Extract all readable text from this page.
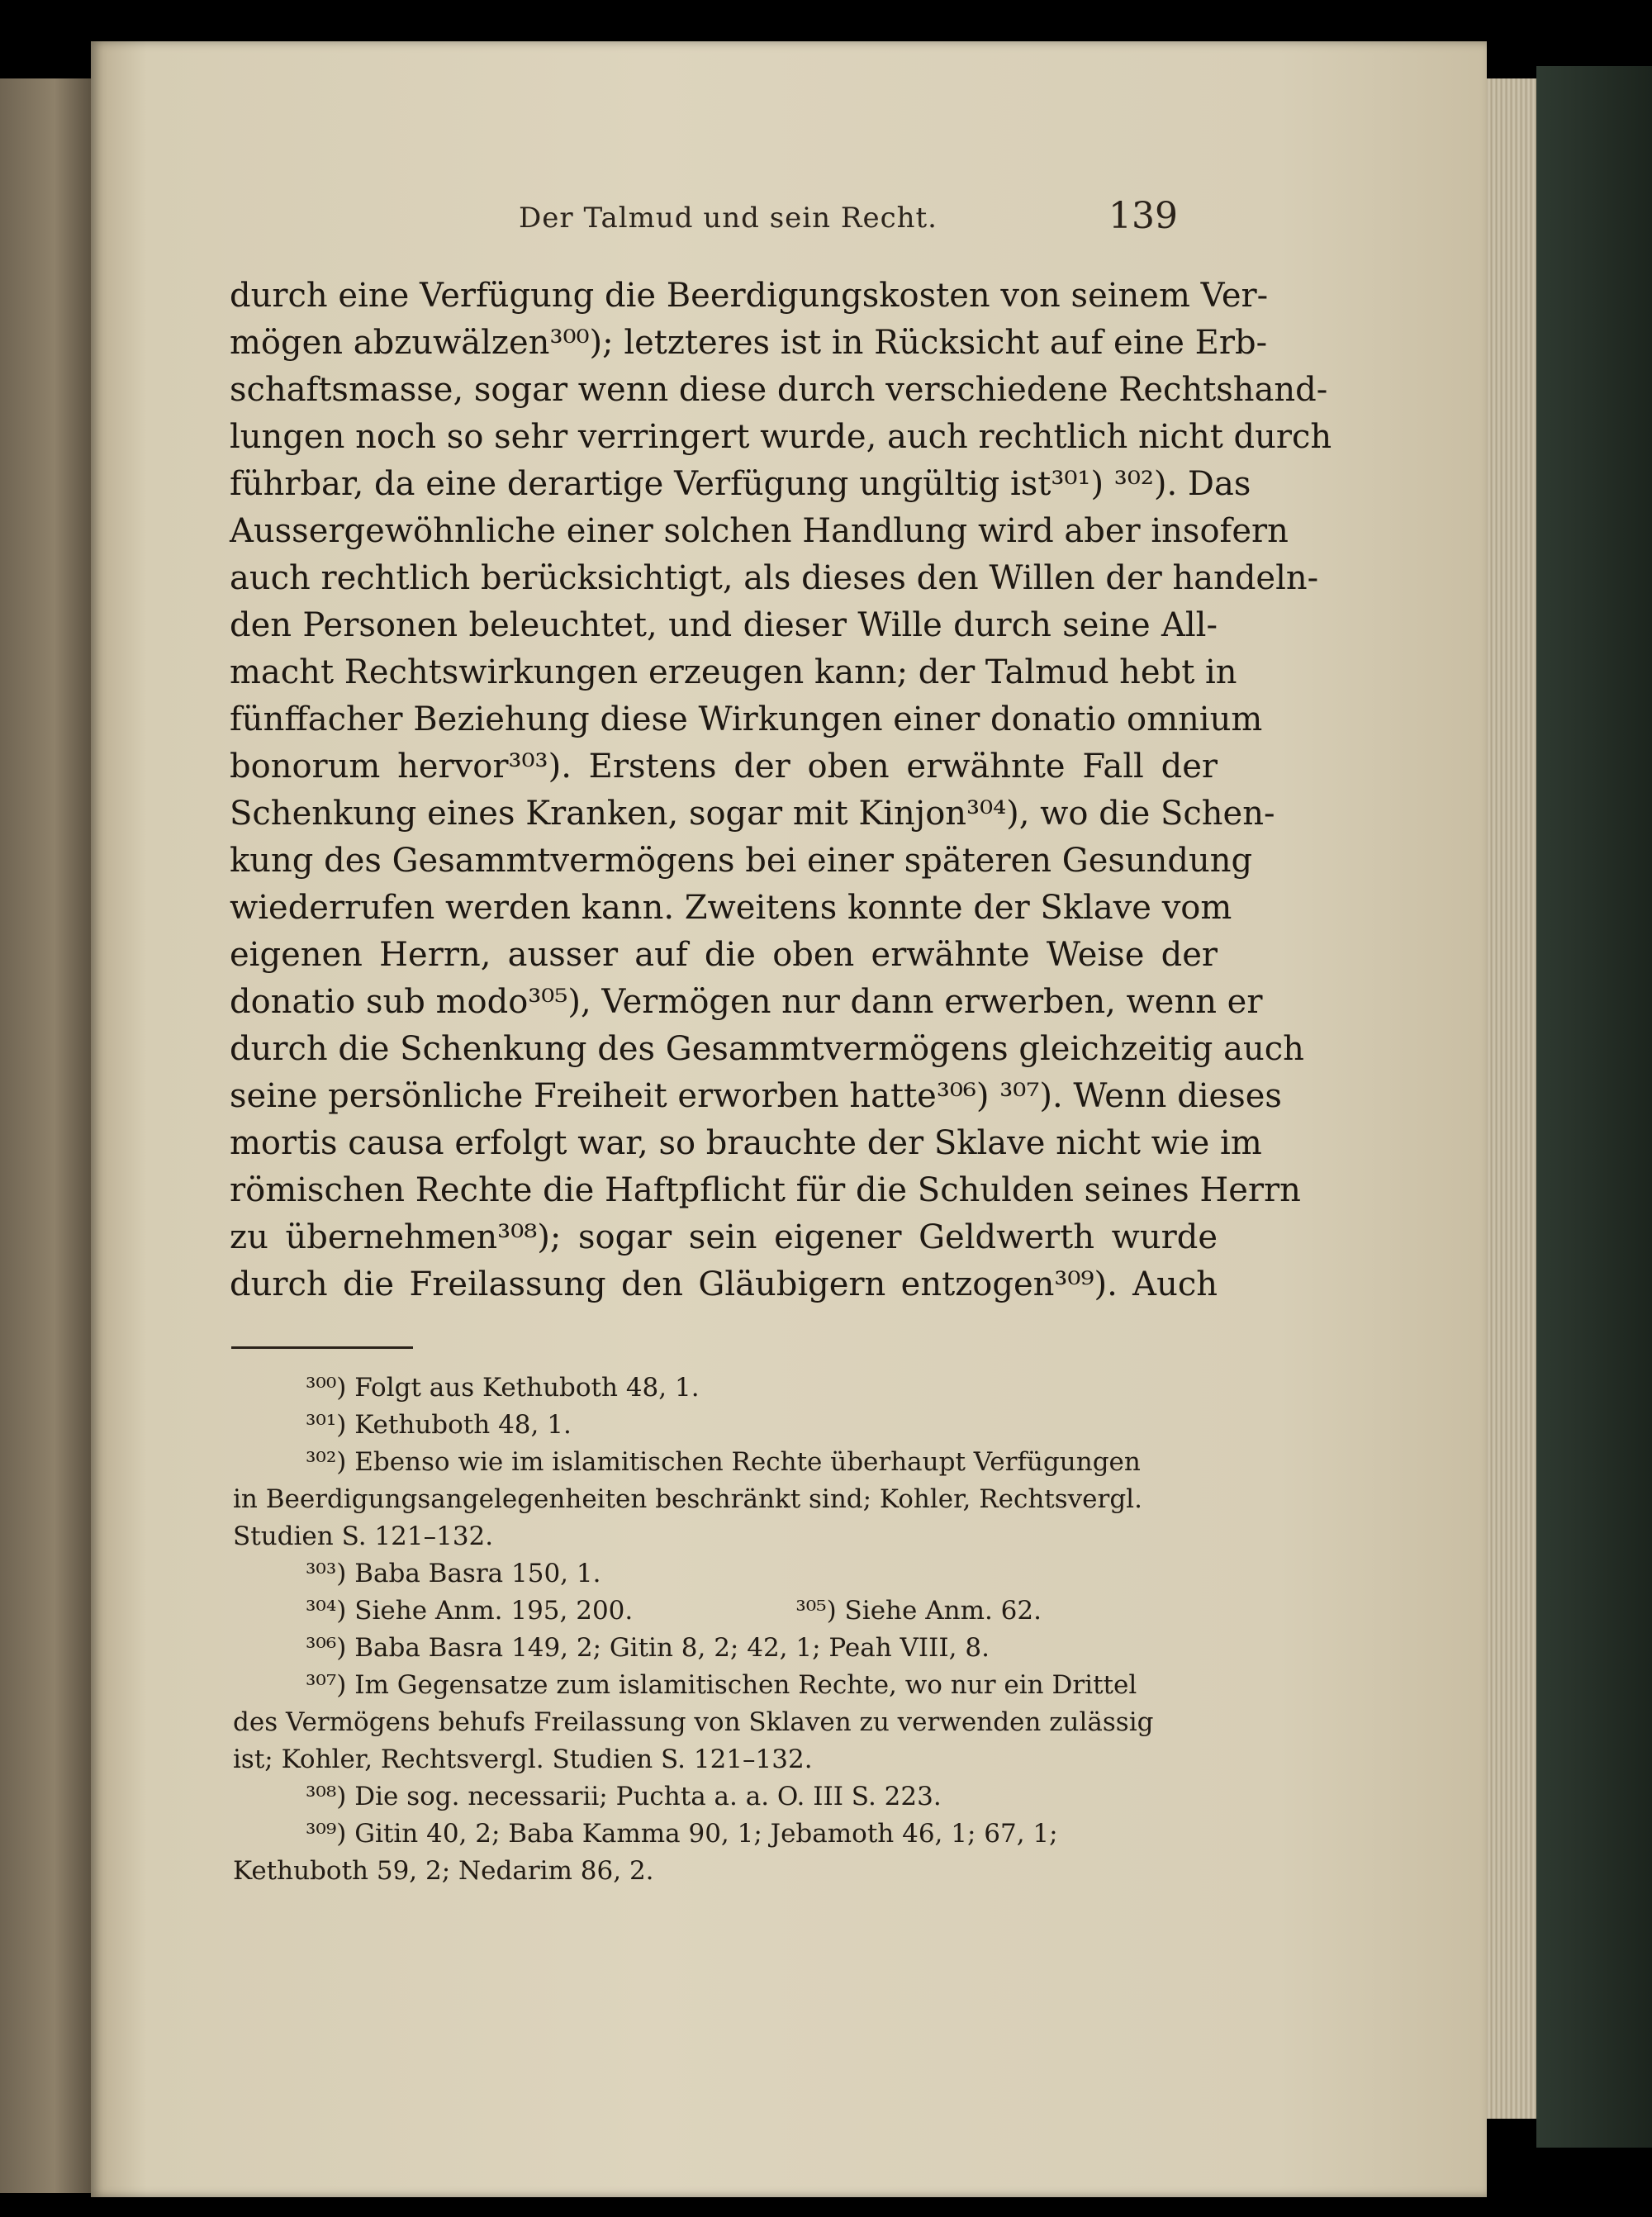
Der Talmud und sein Recht.	139
durch eine Verfügung die Beerdigungskosten von seinem Ver-
mögen abzuwälzen³⁰⁰); letzteres ist in Rücksicht auf eine Erb-
schaftsmasse, sogar wenn diese durch verschiedene Rechtshand-
lungen noch so sehr verringert wurde, auch rechtlich nicht durch
führbar, da eine derartige Verfügung ungültig ist³⁰¹) ³⁰²). Das
Aussergewöhnliche einer solchen Handlung wird aber insofern
auch rechtlich berücksichtigt, als dieses den Willen der handeln-
den Personen beleuchtet, und dieser Wille durch seine All-
macht Rechtswirkungen erzeugen kann; der Talmud hebt in
fünffacher Beziehung diese Wirkungen einer donatio omnium
bonorum hervor³⁰³). Erstens der oben erwähnte Fall der
Schenkung eines Kranken, sogar mit Kinjon³⁰⁴), wo die Schen-
kung des Gesammtvermögens bei einer späteren Gesundung
wiederrufen werden kann. Zweitens konnte der Sklave vom
eigenen Herrn, ausser auf die oben erwähnte Weise der
donatio sub modo³⁰⁵), Vermögen nur dann erwerben, wenn er
durch die Schenkung des Gesammtvermögens gleichzeitig auch
seine persönliche Freiheit erworben hatte³⁰⁶) ³⁰⁷). Wenn dieses
mortis causa erfolgt war, so brauchte der Sklave nicht wie im
römischen Rechte die Haftpflicht für die Schulden seines Herrn
zu übernehmen³⁰⁸); sogar sein eigener Geldwerth wurde
durch die Freilassung den Gläubigern entzogen³⁰⁹). Auch
³⁰⁰) Folgt aus Kethuboth 48, 1.
³⁰¹) Kethuboth 48, 1.
³⁰²) Ebenso wie im islamitischen Rechte überhaupt Verfügungen
in Beerdigungsangelegenheiten beschränkt sind; Kohler, Rechtsvergl.
Studien S. 121–132.
³⁰³) Baba Basra 150, 1.
³⁰⁴) Siehe Anm. 195, 200.                    ³⁰⁵) Siehe Anm. 62.
³⁰⁶) Baba Basra 149, 2; Gitin 8, 2; 42, 1; Peah VIII, 8.
³⁰⁷) Im Gegensatze zum islamitischen Rechte, wo nur ein Drittel
des Vermögens behufs Freilassung von Sklaven zu verwenden zulässig
ist; Kohler, Rechtsvergl. Studien S. 121–132.
³⁰⁸) Die sog. necessarii; Puchta a. a. O. III S. 223.
³⁰⁹) Gitin 40, 2; Baba Kamma 90, 1; Jebamoth 46, 1; 67, 1;
Kethuboth 59, 2; Nedarim 86, 2.
